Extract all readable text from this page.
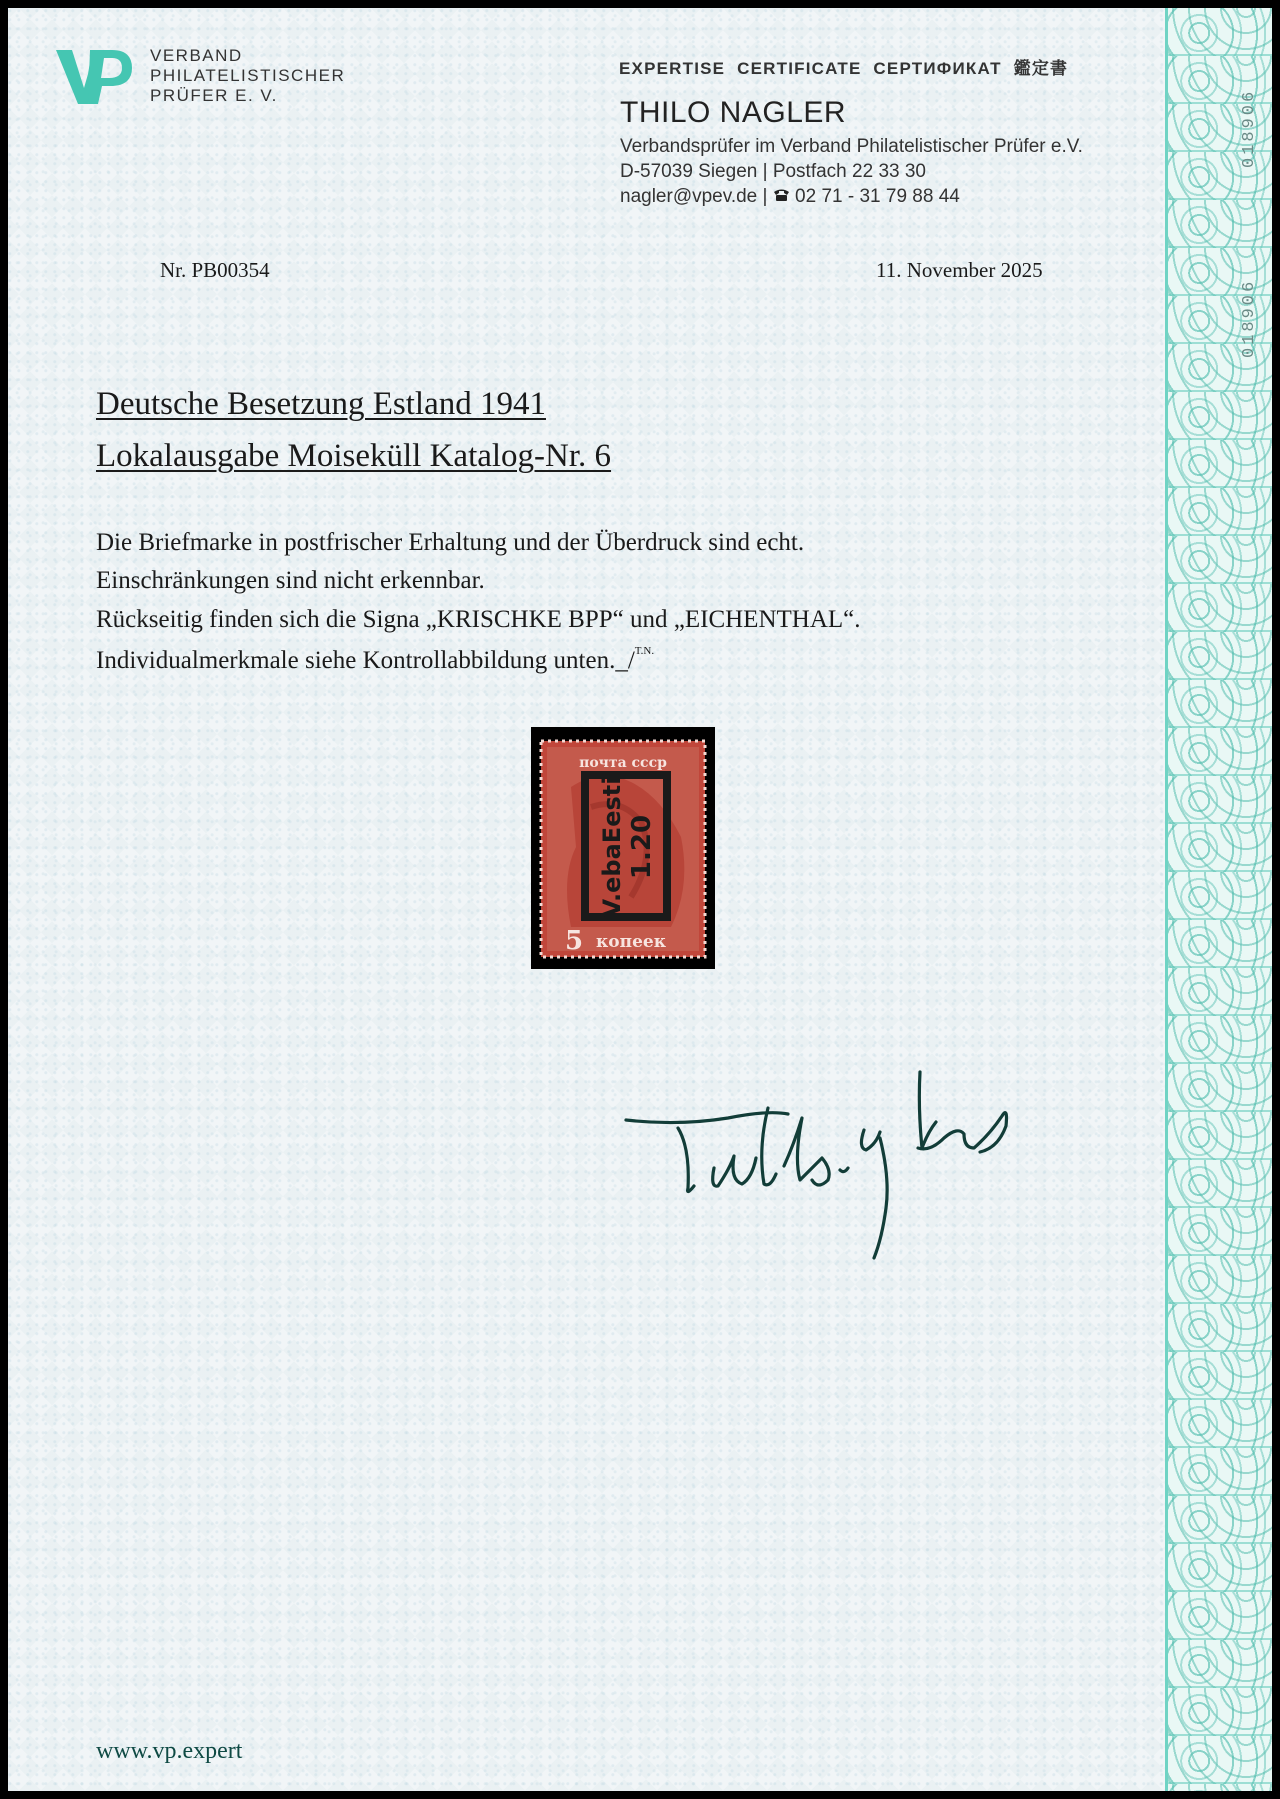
018906
018906
VERBAND
PHILATELISTISCHER
PRÜFER E. V.
EXPERTISE CERTIFICATE СЕРТИФИКАТ 鑑定書
THILO NAGLER
Verbandsprüfer im Verband Philatelistischer Prüfer e.V.
D-57039 Siegen | Postfach 22 33 30
nagler@vpev.de | 02 71 - 31 79 88 44
Nr. PB00354	11. November 2025
Deutsche Besetzung Estland 1941
Lokalausgabe Moiseküll Katalog-Nr. 6
Die Briefmarke in postfrischer Erhaltung und der Überdruck sind echt.
Einschränkungen sind nicht erkennbar.
Rückseitig finden sich die Signa „KRISCHKE BPP“ und „EICHENTHAL“.
Individualmerkmale siehe Kontrollabbildung unten._/$^{T.N.}$
почта ссср
5 копеек
V.ebaEesti 1.20
www.vp.expert
